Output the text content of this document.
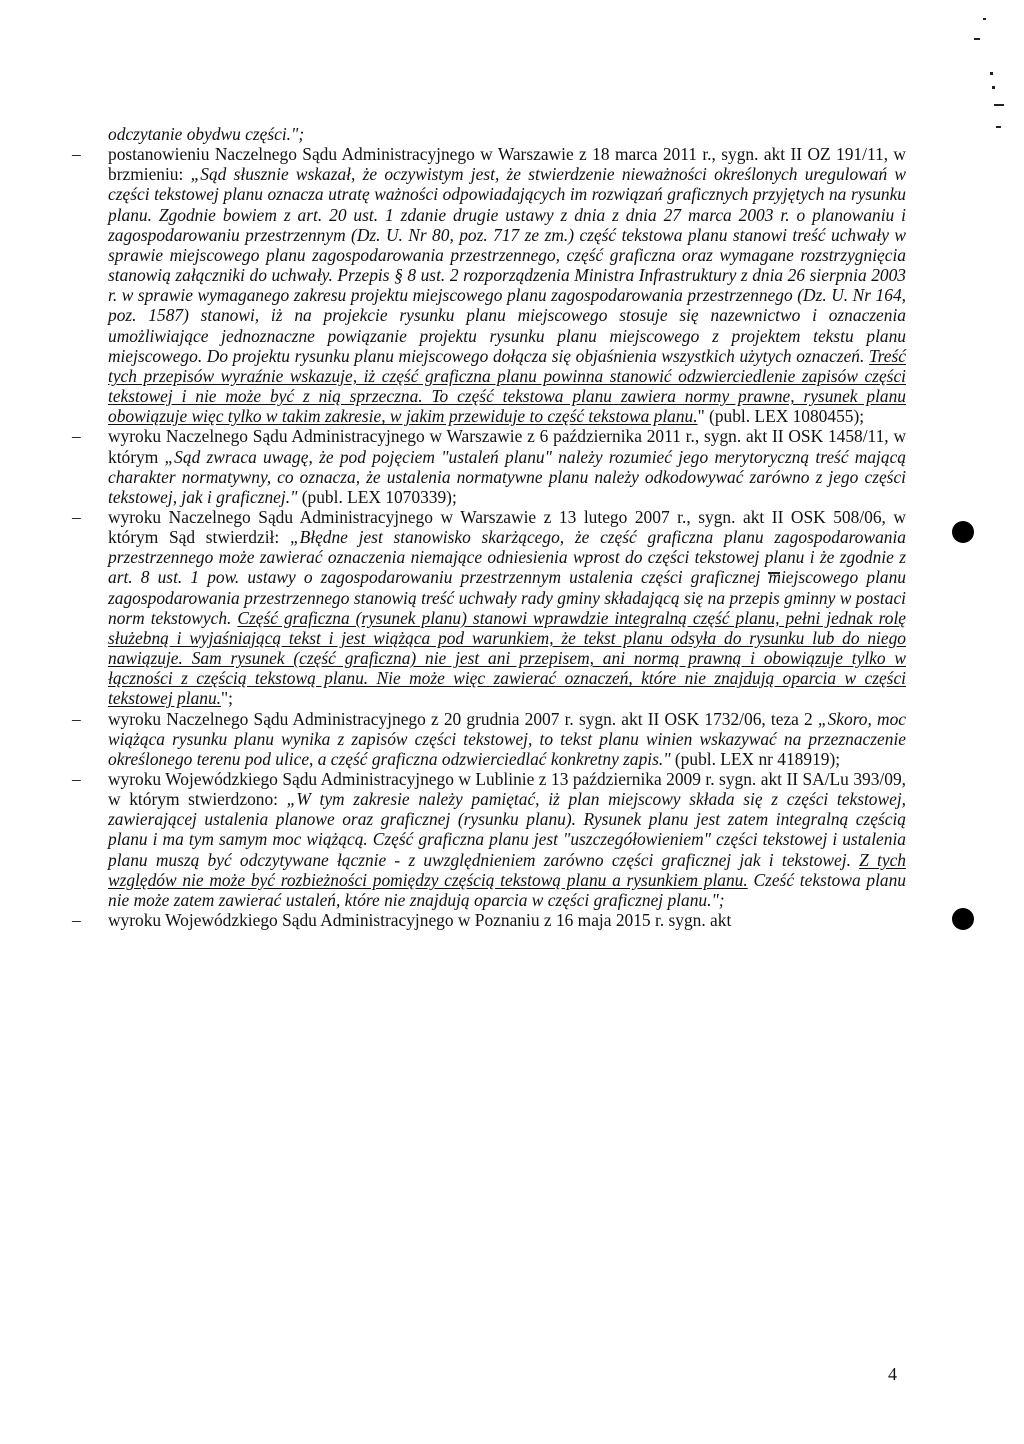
odczytanie obydwu części.";
– postanowieniu Naczelnego Sądu Administracyjnego w Warszawie z 18 marca 2011 r., sygn. akt II OZ 191/11, w brzmieniu: „Sąd słusznie wskazał, że oczywistym jest, że stwierdzenie nieważności określonych uregulowań w części tekstowej planu oznacza utratę ważności odpowiadających im rozwiązań graficznych przyjętych na rysunku planu. Zgodnie bowiem z art. 20 ust. 1 zdanie drugie ustawy z dnia z dnia 27 marca 2003 r. o planowaniu i zagospodarowaniu przestrzennym (Dz. U. Nr 80, poz. 717 ze zm.) część tekstowa planu stanowi treść uchwały w sprawie miejscowego planu zagospodarowania przestrzennego, część graficzna oraz wymagane rozstrzygnięcia stanowią załączniki do uchwały. Przepis § 8 ust. 2 rozporządzenia Ministra Infrastruktury z dnia 26 sierpnia 2003 r. w sprawie wymaganego zakresu projektu miejscowego planu zagospodarowania przestrzennego (Dz. U. Nr 164, poz. 1587) stanowi, iż na projekcie rysunku planu miejscowego stosuje się nazewnictwo i oznaczenia umożliwiające jednoznaczne powiązanie projektu rysunku planu miejscowego z projektem tekstu planu miejscowego. Do projektu rysunku planu miejscowego dołącza się objaśnienia wszystkich użytych oznaczeń. Treść tych przepisów wyraźnie wskazuje, iż część graficzna planu powinna stanowić odzwierciedlenie zapisów części tekstowej i nie może być z nią sprzeczna. To część tekstowa planu zawiera normy prawne, rysunek planu obowiązuje więc tylko w takim zakresie, w jakim przewiduje to część tekstowa planu." (publ. LEX 1080455);
– wyroku Naczelnego Sądu Administracyjnego w Warszawie z 6 października 2011 r., sygn. akt II OSK 1458/11, w którym „Sąd zwraca uwagę, że pod pojęciem "ustaleń planu" należy rozumieć jego merytoryczną treść mającą charakter normatywny, co oznacza, że ustalenia normatywne planu należy odkodowywać zarówno z jego części tekstowej, jak i graficznej." (publ. LEX 1070339);
– wyroku Naczelnego Sądu Administracyjnego w Warszawie z 13 lutego 2007 r., sygn. akt II OSK 508/06, w którym Sąd stwierdził: „Błędne jest stanowisko skarżącego, że część graficzna planu zagospodarowania przestrzennego może zawierać oznaczenia niemające odniesienia wprost do części tekstowej planu i że zgodnie z art. 8 ust. 1 pow. ustawy o zagospodarowaniu przestrzennym ustalenia części graficznej miejscowego planu zagospodarowania przestrzennego stanowią treść uchwały rady gminy składającą się na przepis gminny w postaci norm tekstowych. Część graficzna (rysunek planu) stanowi wprawdzie integralną część planu, pełni jednak rolę służebną i wyjaśniającą tekst i jest wiążąca pod warunkiem, że tekst planu odsyła do rysunku lub do niego nawiązuje. Sam rysunek (część graficzna) nie jest ani przepisem, ani normą prawną i obowiązuje tylko w łączności z częścią tekstową planu. Nie może więc zawierać oznaczeń, które nie znajdują oparcia w części tekstowej planu.";
– wyroku Naczelnego Sądu Administracyjnego z 20 grudnia 2007 r. sygn. akt II OSK 1732/06, teza 2 „Skoro, moc wiążąca rysunku planu wynika z zapisów części tekstowej, to tekst planu winien wskazywać na przeznaczenie określonego terenu pod ulice, a część graficzna odzwierciedlać konkretny zapis." (publ. LEX nr 418919);
– wyroku Wojewódzkiego Sądu Administracyjnego w Lublinie z 13 października 2009 r. sygn. akt II SA/Lu 393/09, w którym stwierdzono: „W tym zakresie należy pamiętać, iż plan miejscowy składa się z części tekstowej, zawierającej ustalenia planowe oraz graficznej (rysunku planu). Rysunek planu jest zatem integralną częścią planu i ma tym samym moc wiążącą. Część graficzna planu jest "uszczegółowieniem" części tekstowej i ustalenia planu muszą być odczytywane łącznie - z uwzględnieniem zarówno części graficznej jak i tekstowej. Z tych względów nie może być rozbieżności pomiędzy częścią tekstową planu a rysunkiem planu. Cześć tekstowa planu nie może zatem zawierać ustaleń, które nie znajdują oparcia w części graficznej planu.";
– wyroku Wojewódzkiego Sądu Administracyjnego w Poznaniu z 16 maja 2015 r. sygn. akt
4
